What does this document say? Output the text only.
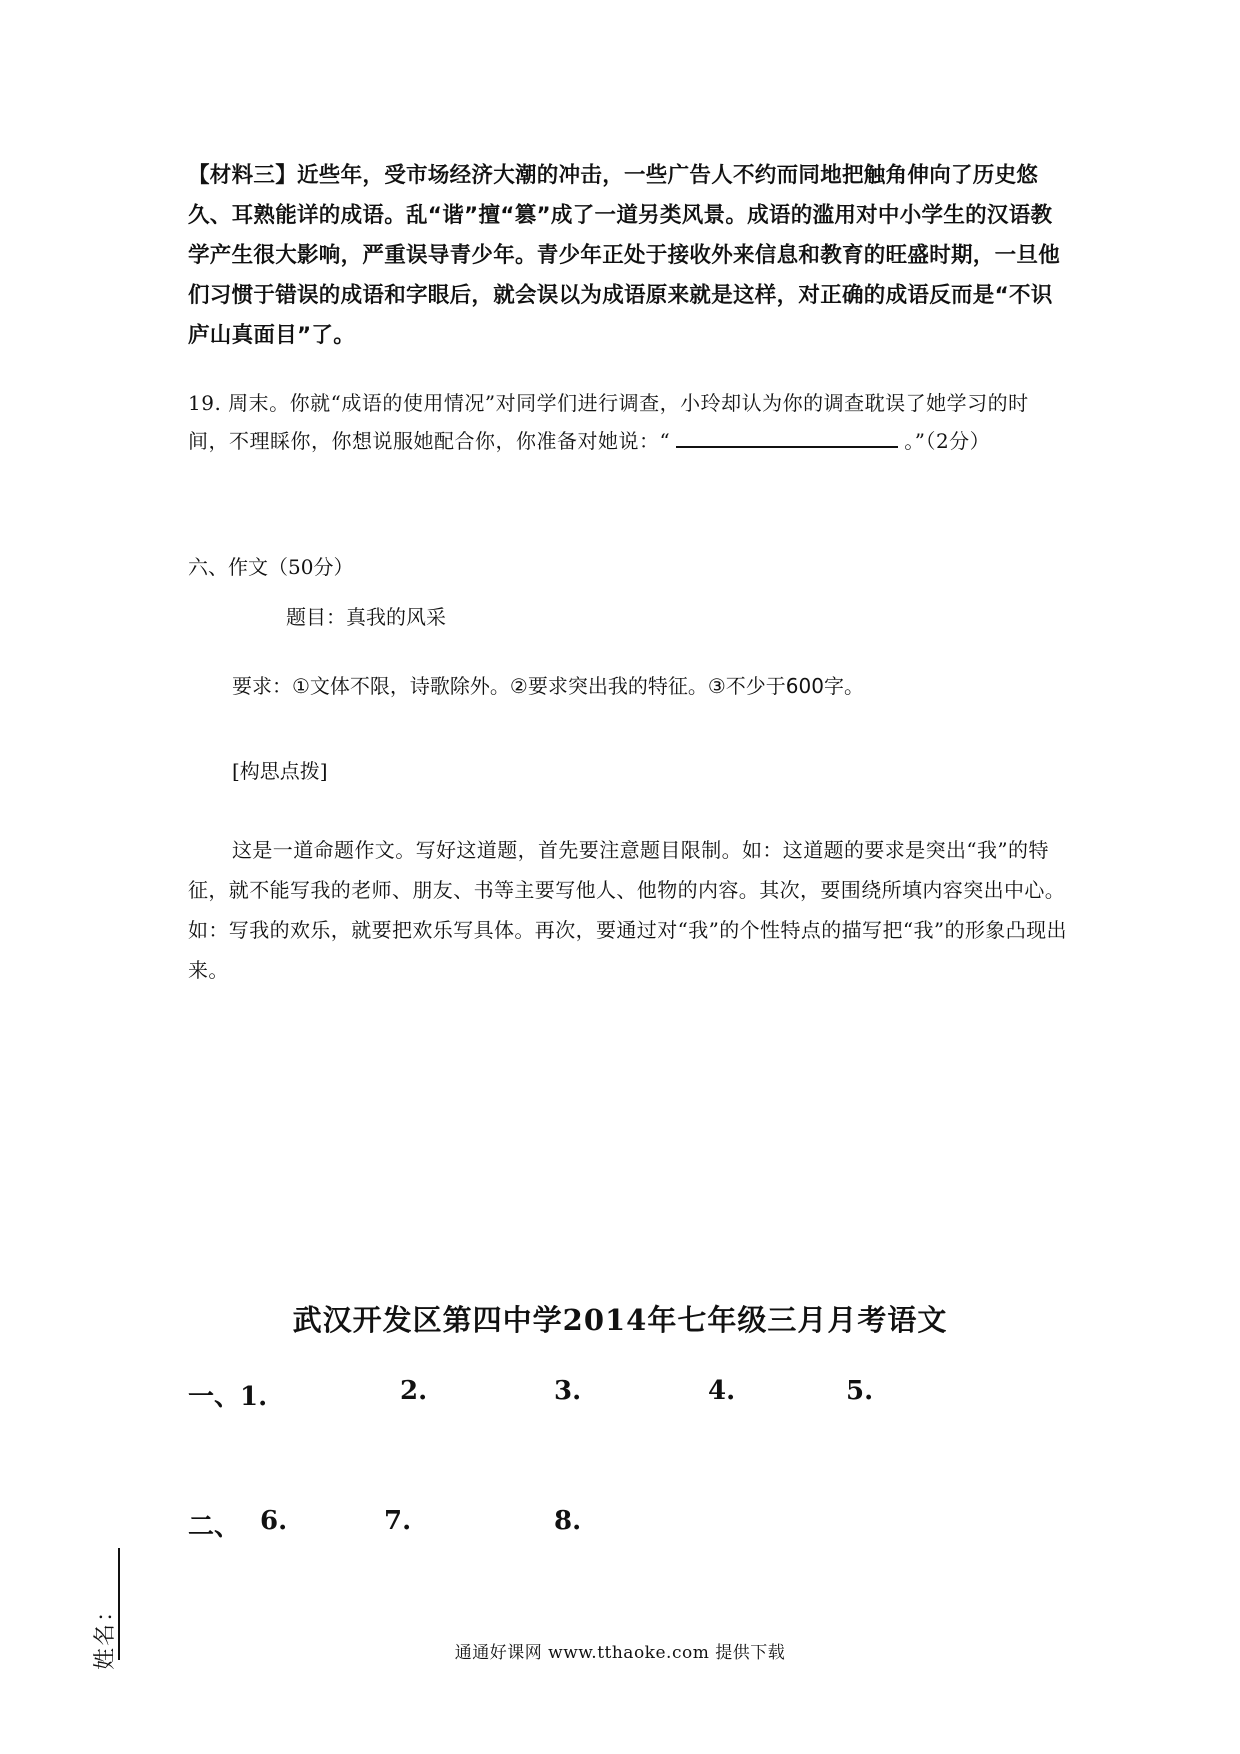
【材料三】近些年，受市场经济大潮的冲击，一些广告人不约而同地把触角伸向了历史悠久、耳熟能详的成语。乱“谐”擅“篡”成了一道另类风景。成语的滥用对中小学生的汉语教学产生很大影响，严重误导青少年。青少年正处于接收外来信息和教育的旺盛时期，一旦他们习惯于错误的成语和字眼后，就会误以为成语原来就是这样，对正确的成语反而是“不识庐山真面目”了。
19. 周末。你就“成语的使用情况”对同学们进行调查，小玲却认为你的调查耽误了她学习的时间，不理睬你，你想说服她配合你，你准备对她说：“	。”（2分）
六、作文（50分）
题目：真我的风采
要求：①文体不限，诗歌除外。②要求突出我的特征。③不少于600字。
[构思点拨]
这是一道命题作文。写好这道题，首先要注意题目限制。如：这道题的要求是突出“我”的特征，就不能写我的老师、朋友、书等主要写他人、他物的内容。其次，要围绕所填内容突出中心。如：写我的欢乐，就要把欢乐写具体。再次，要通过对“我”的个性特点的描写把“我”的形象凸现出来。
武汉开发区第四中学2014年七年级三月月考语文
一、1.	2.	3.	4.	5.
二、 6.	7.	8.
姓名：	通通好课网 www.tthaoke.com 提供下载
